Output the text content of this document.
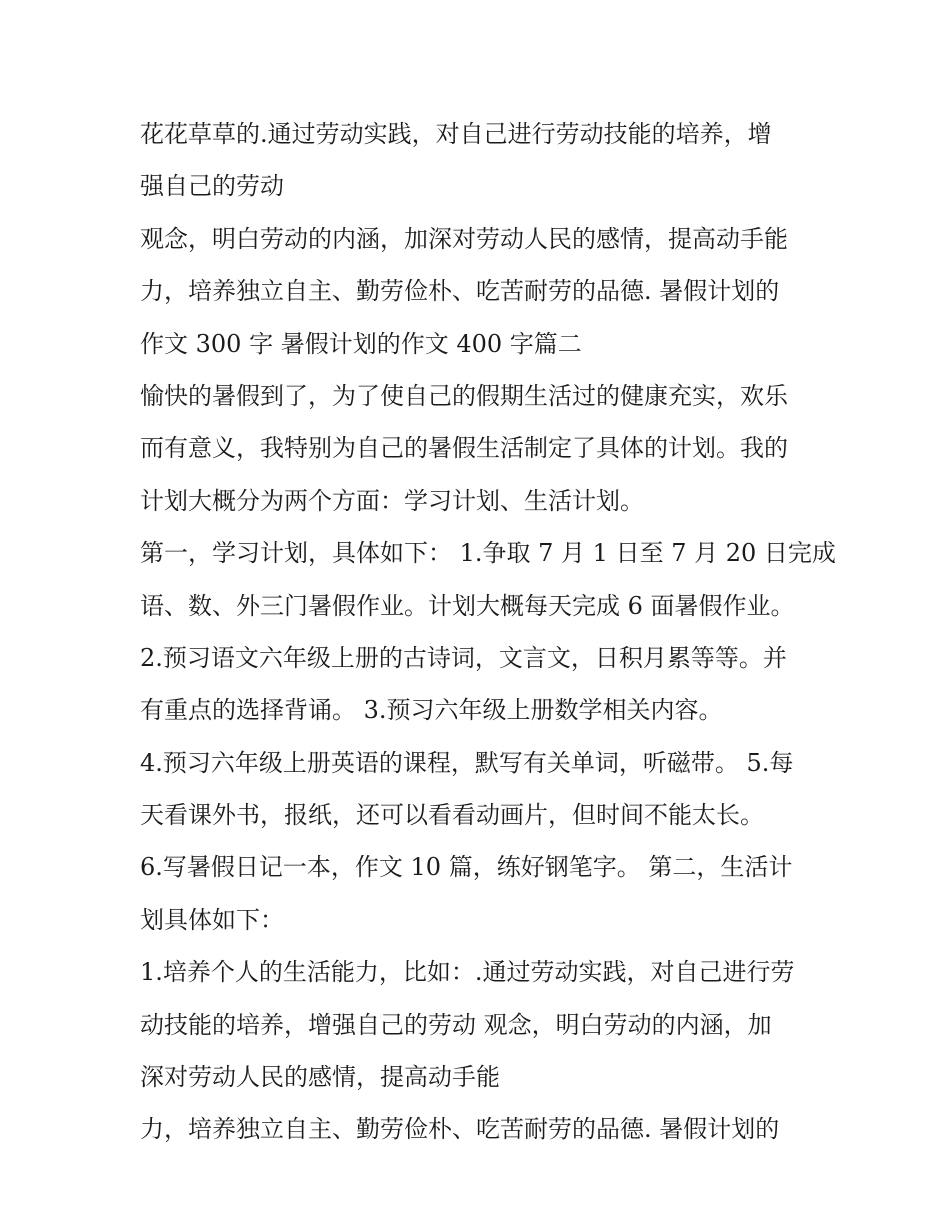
花花草草的.通过劳动实践，对自己进行劳动技能的培养，增
强自己的劳动
观念，明白劳动的内涵，加深对劳动人民的感情，提高动手能
力，培养独立自主、勤劳俭朴、吃苦耐劳的品德. 暑假计划的
作文 300 字 暑假计划的作文 400 字篇二
愉快的暑假到了，为了使自己的假期生活过的健康充实，欢乐
而有意义，我特别为自己的暑假生活制定了具体的计划。我的
计划大概分为两个方面：学习计划、生活计划。
第一，学习计划，具体如下： 1.争取 7 月 1 日至 7 月 20 日完成
语、数、外三门暑假作业。计划大概每天完成 6 面暑假作业。
2.预习语文六年级上册的古诗词，文言文，日积月累等等。并
有重点的选择背诵。 3.预习六年级上册数学相关内容。
4.预习六年级上册英语的课程，默写有关单词，听磁带。 5.每
天看课外书，报纸，还可以看看动画片，但时间不能太长。
6.写暑假日记一本，作文 10 篇，练好钢笔字。 第二，生活计
划具体如下：
1.培养个人的生活能力，比如：.通过劳动实践，对自己进行劳
动技能的培养，增强自己的劳动 观念，明白劳动的内涵，加
深对劳动人民的感情，提高动手能
力，培养独立自主、勤劳俭朴、吃苦耐劳的品德. 暑假计划的
